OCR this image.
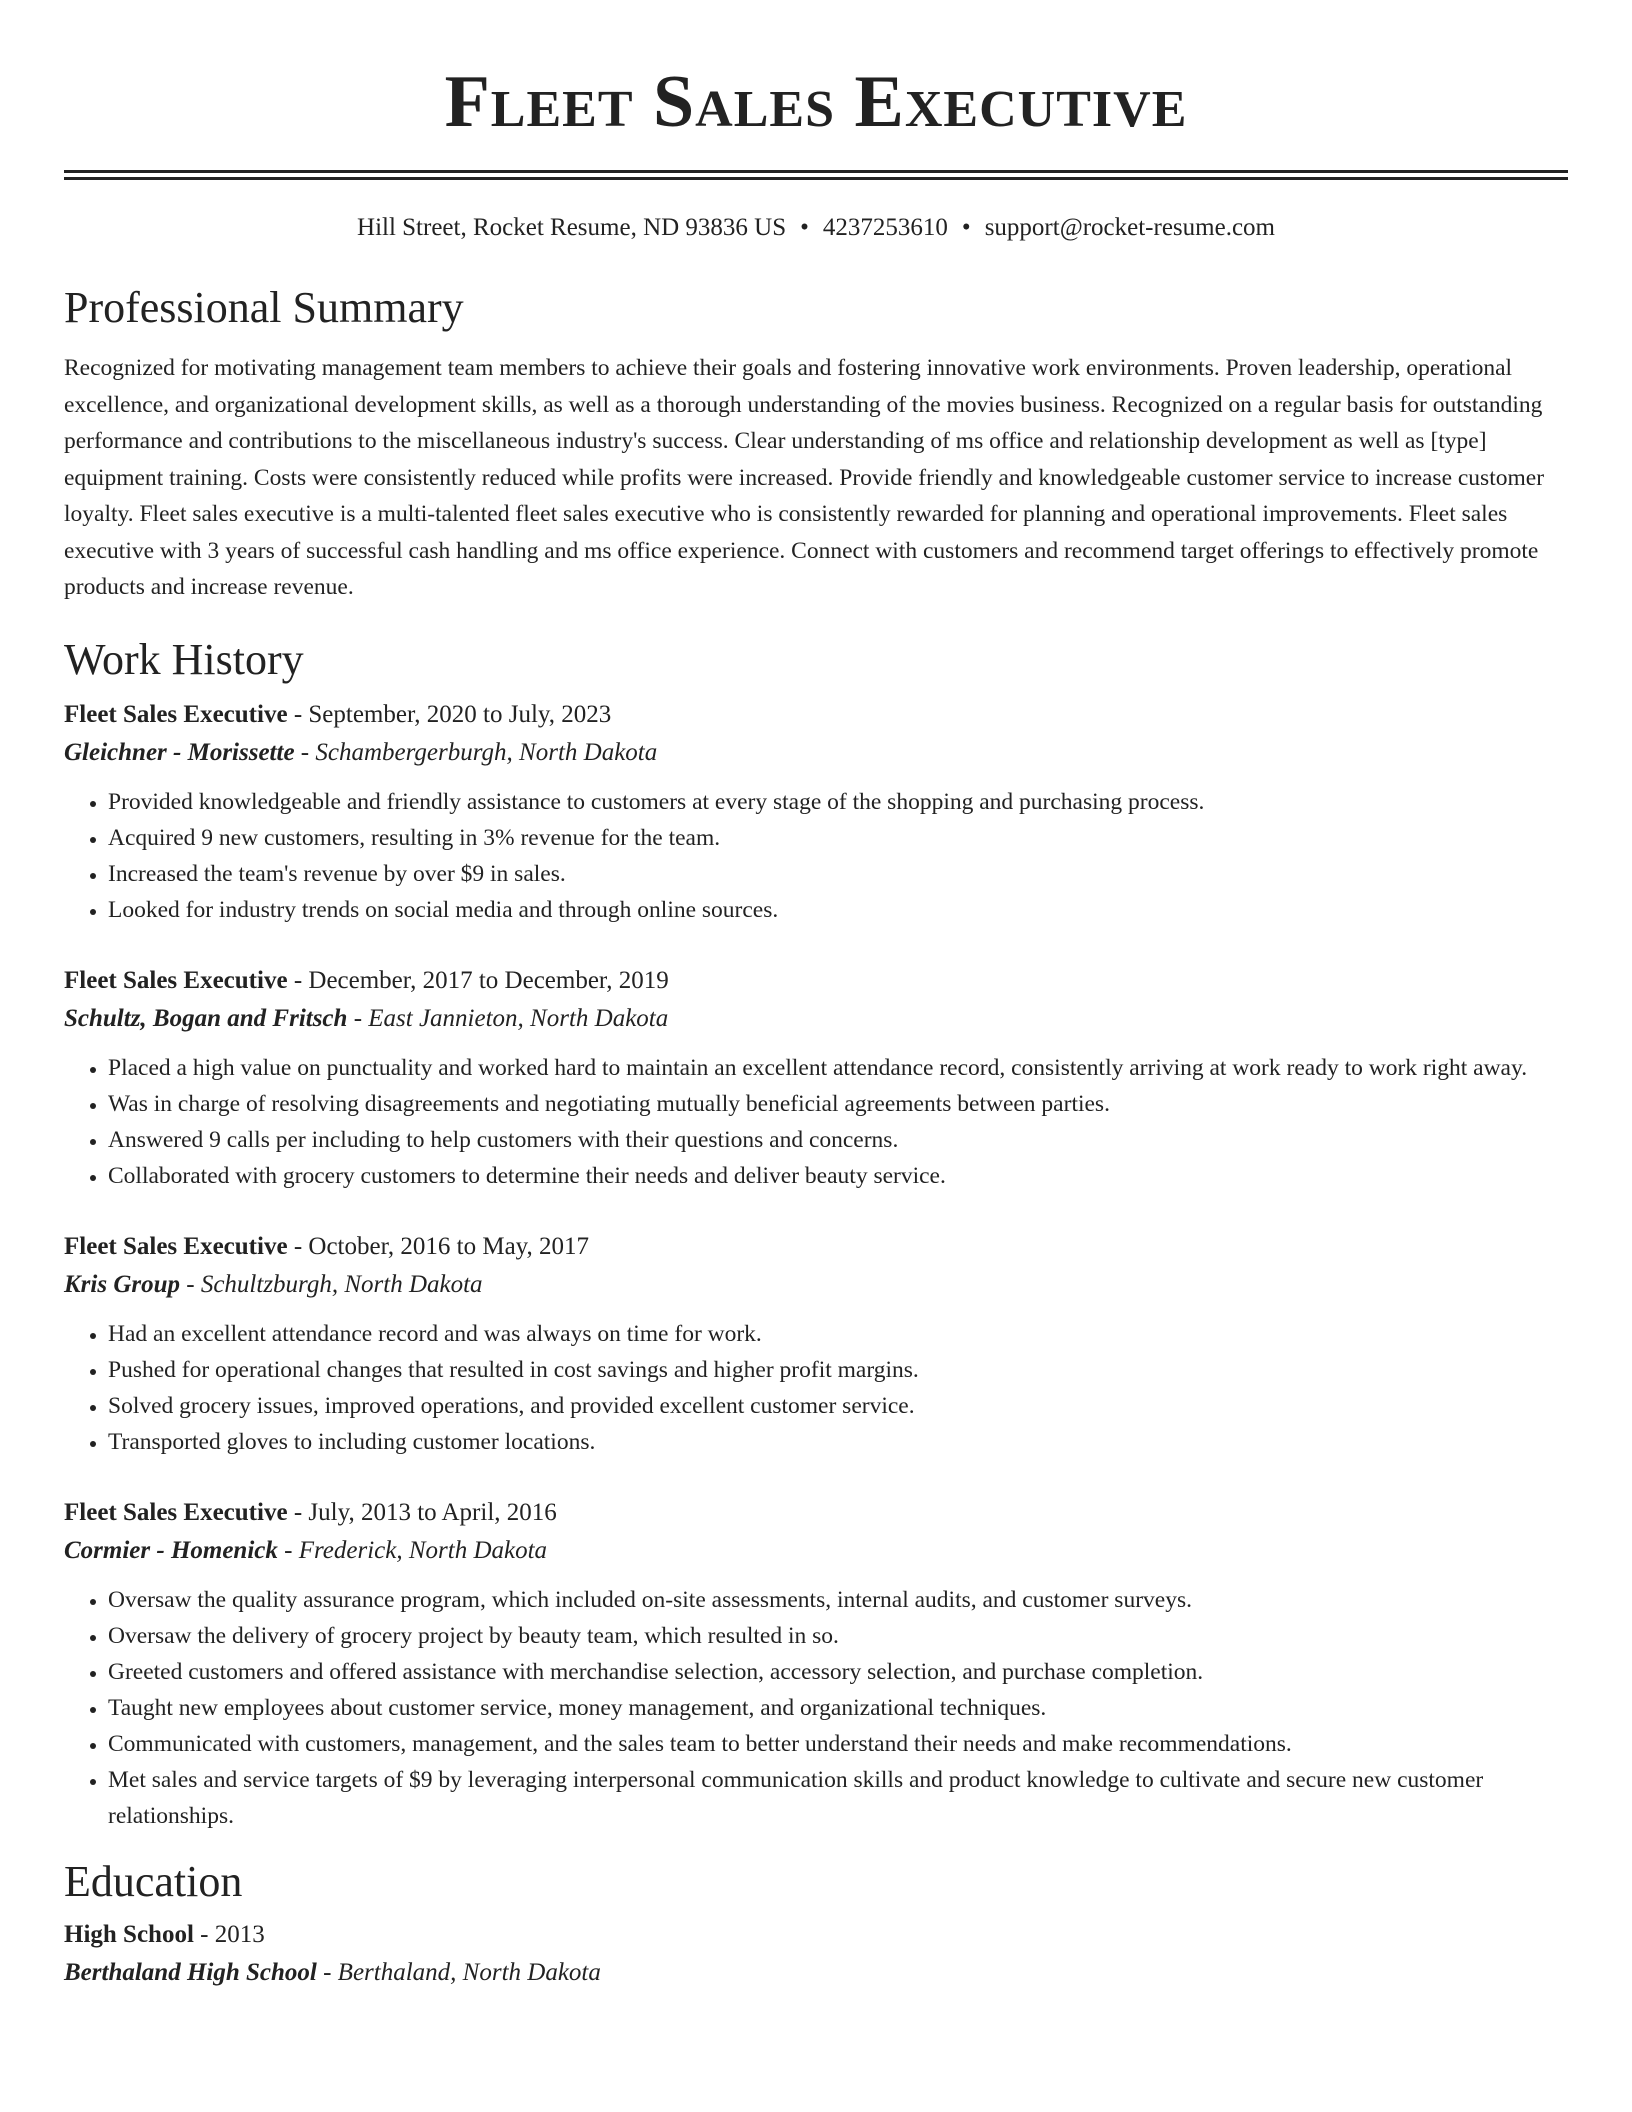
Fleet Sales Executive
Hill Street, Rocket Resume, ND 93836 US • 4237253610 • support@rocket-resume.com
Professional Summary

Recognized for motivating management team members to achieve their goals and fostering innovative work environments. Proven leadership, operational excellence, and organizational development skills, as well as a thorough understanding of the movies business. Recognized on a regular basis for outstanding performance and contributions to the miscellaneous industry's success. Clear understanding of ms office and relationship development as well as [type] equipment training. Costs were consistently reduced while profits were increased. Provide friendly and knowledgeable customer service to increase customer loyalty. Fleet sales executive is a multi-talented fleet sales executive who is consistently rewarded for planning and operational improvements. Fleet sales executive with 3 years of successful cash handling and ms office experience. Connect with customers and recommend target offerings to effectively promote products and increase revenue.

Work History

Fleet Sales Executive - September, 2020 to July, 2023

Gleichner - Morissette - Schambergerburgh, North Dakota

• Provided knowledgeable and friendly assistance to customers at every stage of the shopping and purchasing process.
• Acquired 9 new customers, resulting in 3% revenue for the team.
• Increased the team's revenue by over $9 in sales.
• Looked for industry trends on social media and through online sources.

Fleet Sales Executive - December, 2017 to December, 2019

Schultz, Bogan and Fritsch - East Jannieton, North Dakota

• Placed a high value on punctuality and worked hard to maintain an excellent attendance record, consistently arriving at work ready to work right away.
• Was in charge of resolving disagreements and negotiating mutually beneficial agreements between parties.
• Answered 9 calls per including to help customers with their questions and concerns.
• Collaborated with grocery customers to determine their needs and deliver beauty service.

Fleet Sales Executive - October, 2016 to May, 2017

Kris Group - Schultzburgh, North Dakota

• Had an excellent attendance record and was always on time for work.
• Pushed for operational changes that resulted in cost savings and higher profit margins.
• Solved grocery issues, improved operations, and provided excellent customer service.
• Transported gloves to including customer locations.

Fleet Sales Executive - July, 2013 to April, 2016

Cormier - Homenick - Frederick, North Dakota

• Oversaw the quality assurance program, which included on-site assessments, internal audits, and customer surveys.
• Oversaw the delivery of grocery project by beauty team, which resulted in so.
• Greeted customers and offered assistance with merchandise selection, accessory selection, and purchase completion.
• Taught new employees about customer service, money management, and organizational techniques.
• Communicated with customers, management, and the sales team to better understand their needs and make recommendations.
• Met sales and service targets of $9 by leveraging interpersonal communication skills and product knowledge to cultivate and secure new customer relationships.
Education

High School - 2013

Berthaland High School - Berthaland, North Dakota
